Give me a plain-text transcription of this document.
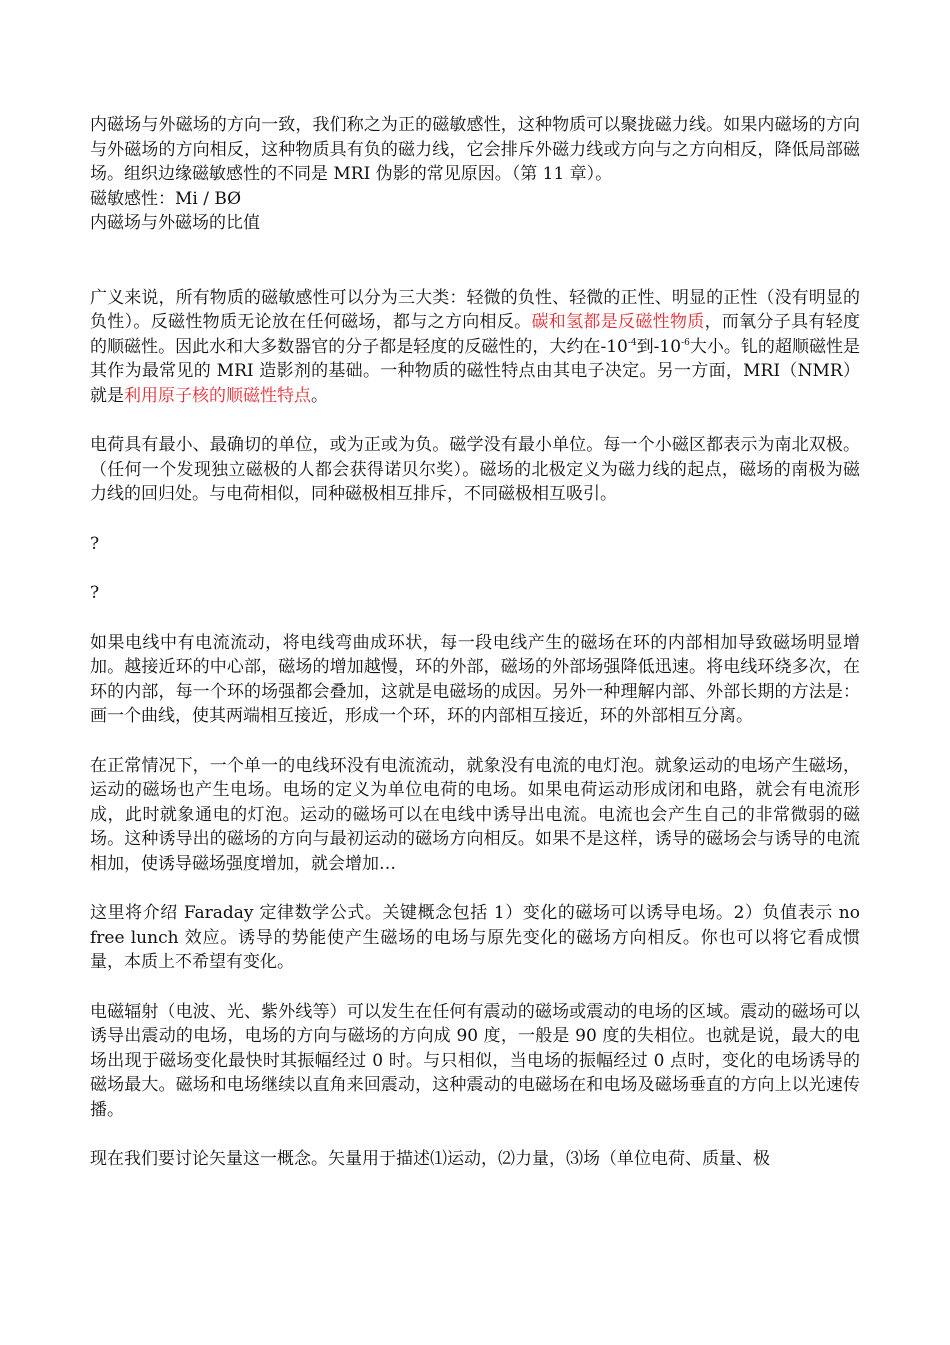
内磁场与外磁场的方向一致，我们称之为正的磁敏感性，这种物质可以聚拢磁力线。如果内磁场的方向与外磁场的方向相反，这种物质具有负的磁力线，它会排斥外磁力线或方向与之方向相反，降低局部磁场。组织边缘磁敏感性的不同是 MRI 伪影的常见原因。（第 11 章）。
磁敏感性：Mi / BØ
内磁场与外磁场的比值

广义来说，所有物质的磁敏感性可以分为三大类：轻微的负性、轻微的正性、明显的正性（没有明显的负性）。反磁性物质无论放在任何磁场，都与之方向相反。碳和氢都是反磁性物质，而氧分子具有轻度的顺磁性。因此水和大多数器官的分子都是轻度的反磁性的，大约在$-10^{-4}$到$-10^{-6}$大小。钆的超顺磁性是其作为最常见的 MRI 造影剂的基础。一种物质的磁性特点由其电子决定。另一方面，MRI（NMR）就是利用原子核的顺磁性特点。

电荷具有最小、最确切的单位，或为正或为负。磁学没有最小单位。每一个小磁区都表示为南北双极。（任何一个发现独立磁极的人都会获得诺贝尔奖）。磁场的北极定义为磁力线的起点，磁场的南极为磁力线的回归处。与电荷相似，同种磁极相互排斥，不同磁极相互吸引。

?
?

如果电线中有电流流动，将电线弯曲成环状，每一段电线产生的磁场在环的内部相加导致磁场明显增加。越接近环的中心部，磁场的增加越慢，环的外部，磁场的外部场强降低迅速。将电线环绕多次，在环的内部，每一个环的场强都会叠加，这就是电磁场的成因。另外一种理解内部、外部长期的方法是：画一个曲线，使其两端相互接近，形成一个环，环的内部相互接近，环的外部相互分离。

在正常情况下，一个单一的电线环没有电流流动，就象没有电流的电灯泡。就象运动的电场产生磁场，运动的磁场也产生电场。电场的定义为单位电荷的电场。如果电荷运动形成闭和电路，就会有电流形成，此时就象通电的灯泡。运动的磁场可以在电线中诱导出电流。电流也会产生自己的非常微弱的磁场。这种诱导出的磁场的方向与最初运动的磁场方向相反。如果不是这样，诱导的磁场会与诱导的电流相加，使诱导磁场强度增加，就会增加…

这里将介绍 Faraday 定律数学公式。关键概念包括 1）变化的磁场可以诱导电场。2）负值表示 no free lunch 效应。诱导的势能使产生磁场的电场与原先变化的磁场方向相反。你也可以将它看成惯量，本质上不希望有变化。

电磁辐射（电波、光、紫外线等）可以发生在任何有震动的磁场或震动的电场的区域。震动的磁场可以诱导出震动的电场，电场的方向与磁场的方向成 90 度，一般是 90 度的失相位。也就是说，最大的电场出现于磁场变化最快时其振幅经过 0 时。与只相似，当电场的振幅经过 0 点时，变化的电场诱导的磁场最大。磁场和电场继续以直角来回震动，这种震动的电磁场在和电场及磁场垂直的方向上以光速传播。

现在我们要讨论矢量这一概念。矢量用于描述⑴运动，⑵力量，⑶场（单位电荷、质量、极
